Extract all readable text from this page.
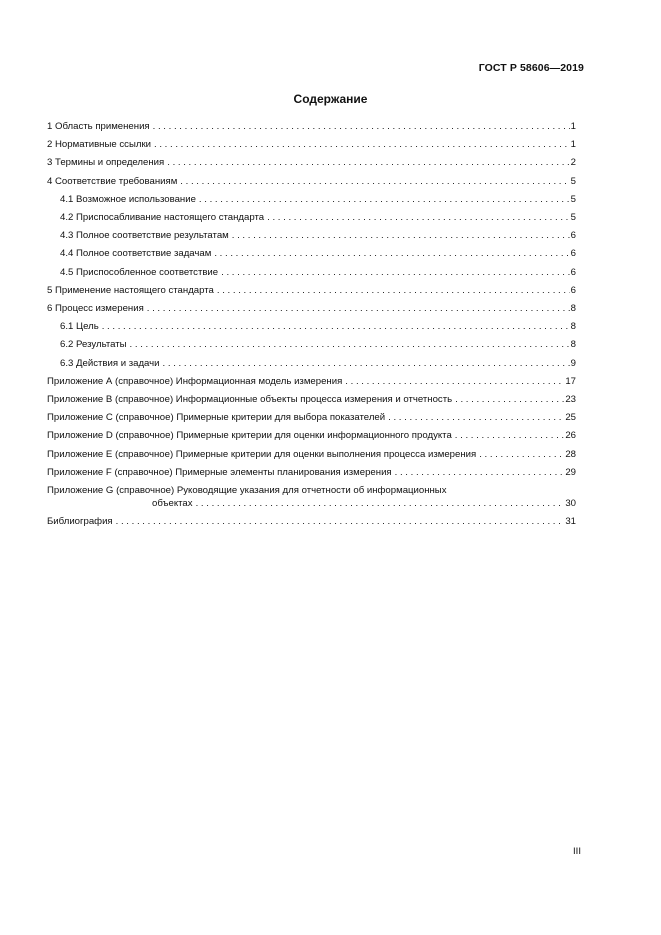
ГОСТ Р 58606—2019
Содержание
1 Область применения . . .	1
2 Нормативные ссылки . . .	1
3 Термины и определения . . .	2
4 Соответствие требованиям . . .	5
4.1 Возможное использование . . .	5
4.2 Приспосабливание настоящего стандарта . . .	5
4.3 Полное соответствие результатам . . .	6
4.4 Полное соответствие задачам . . .	6
4.5 Приспособленное соответствие . . .	6
5 Применение настоящего стандарта . . .	6
6 Процесс измерения . . .	8
6.1 Цель . . .	8
6.2 Результаты . . .	8
6.3 Действия и задачи . . .	9
Приложение А (справочное) Информационная модель измерения . . .	17
Приложение В (справочное) Информационные объекты процесса измерения и отчетность . . .	23
Приложение С (справочное) Примерные критерии для выбора показателей . . .	25
Приложение D (справочное) Примерные критерии для оценки информационного продукта . . .	26
Приложение Е (справочное) Примерные критерии для оценки выполнения процесса измерения . . .	28
Приложение F (справочное) Примерные элементы планирования измерения . . .	29
Приложение G (справочное) Руководящие указания для отчетности об информационных
объектах . . .	30
Библиография . . .	31
III
